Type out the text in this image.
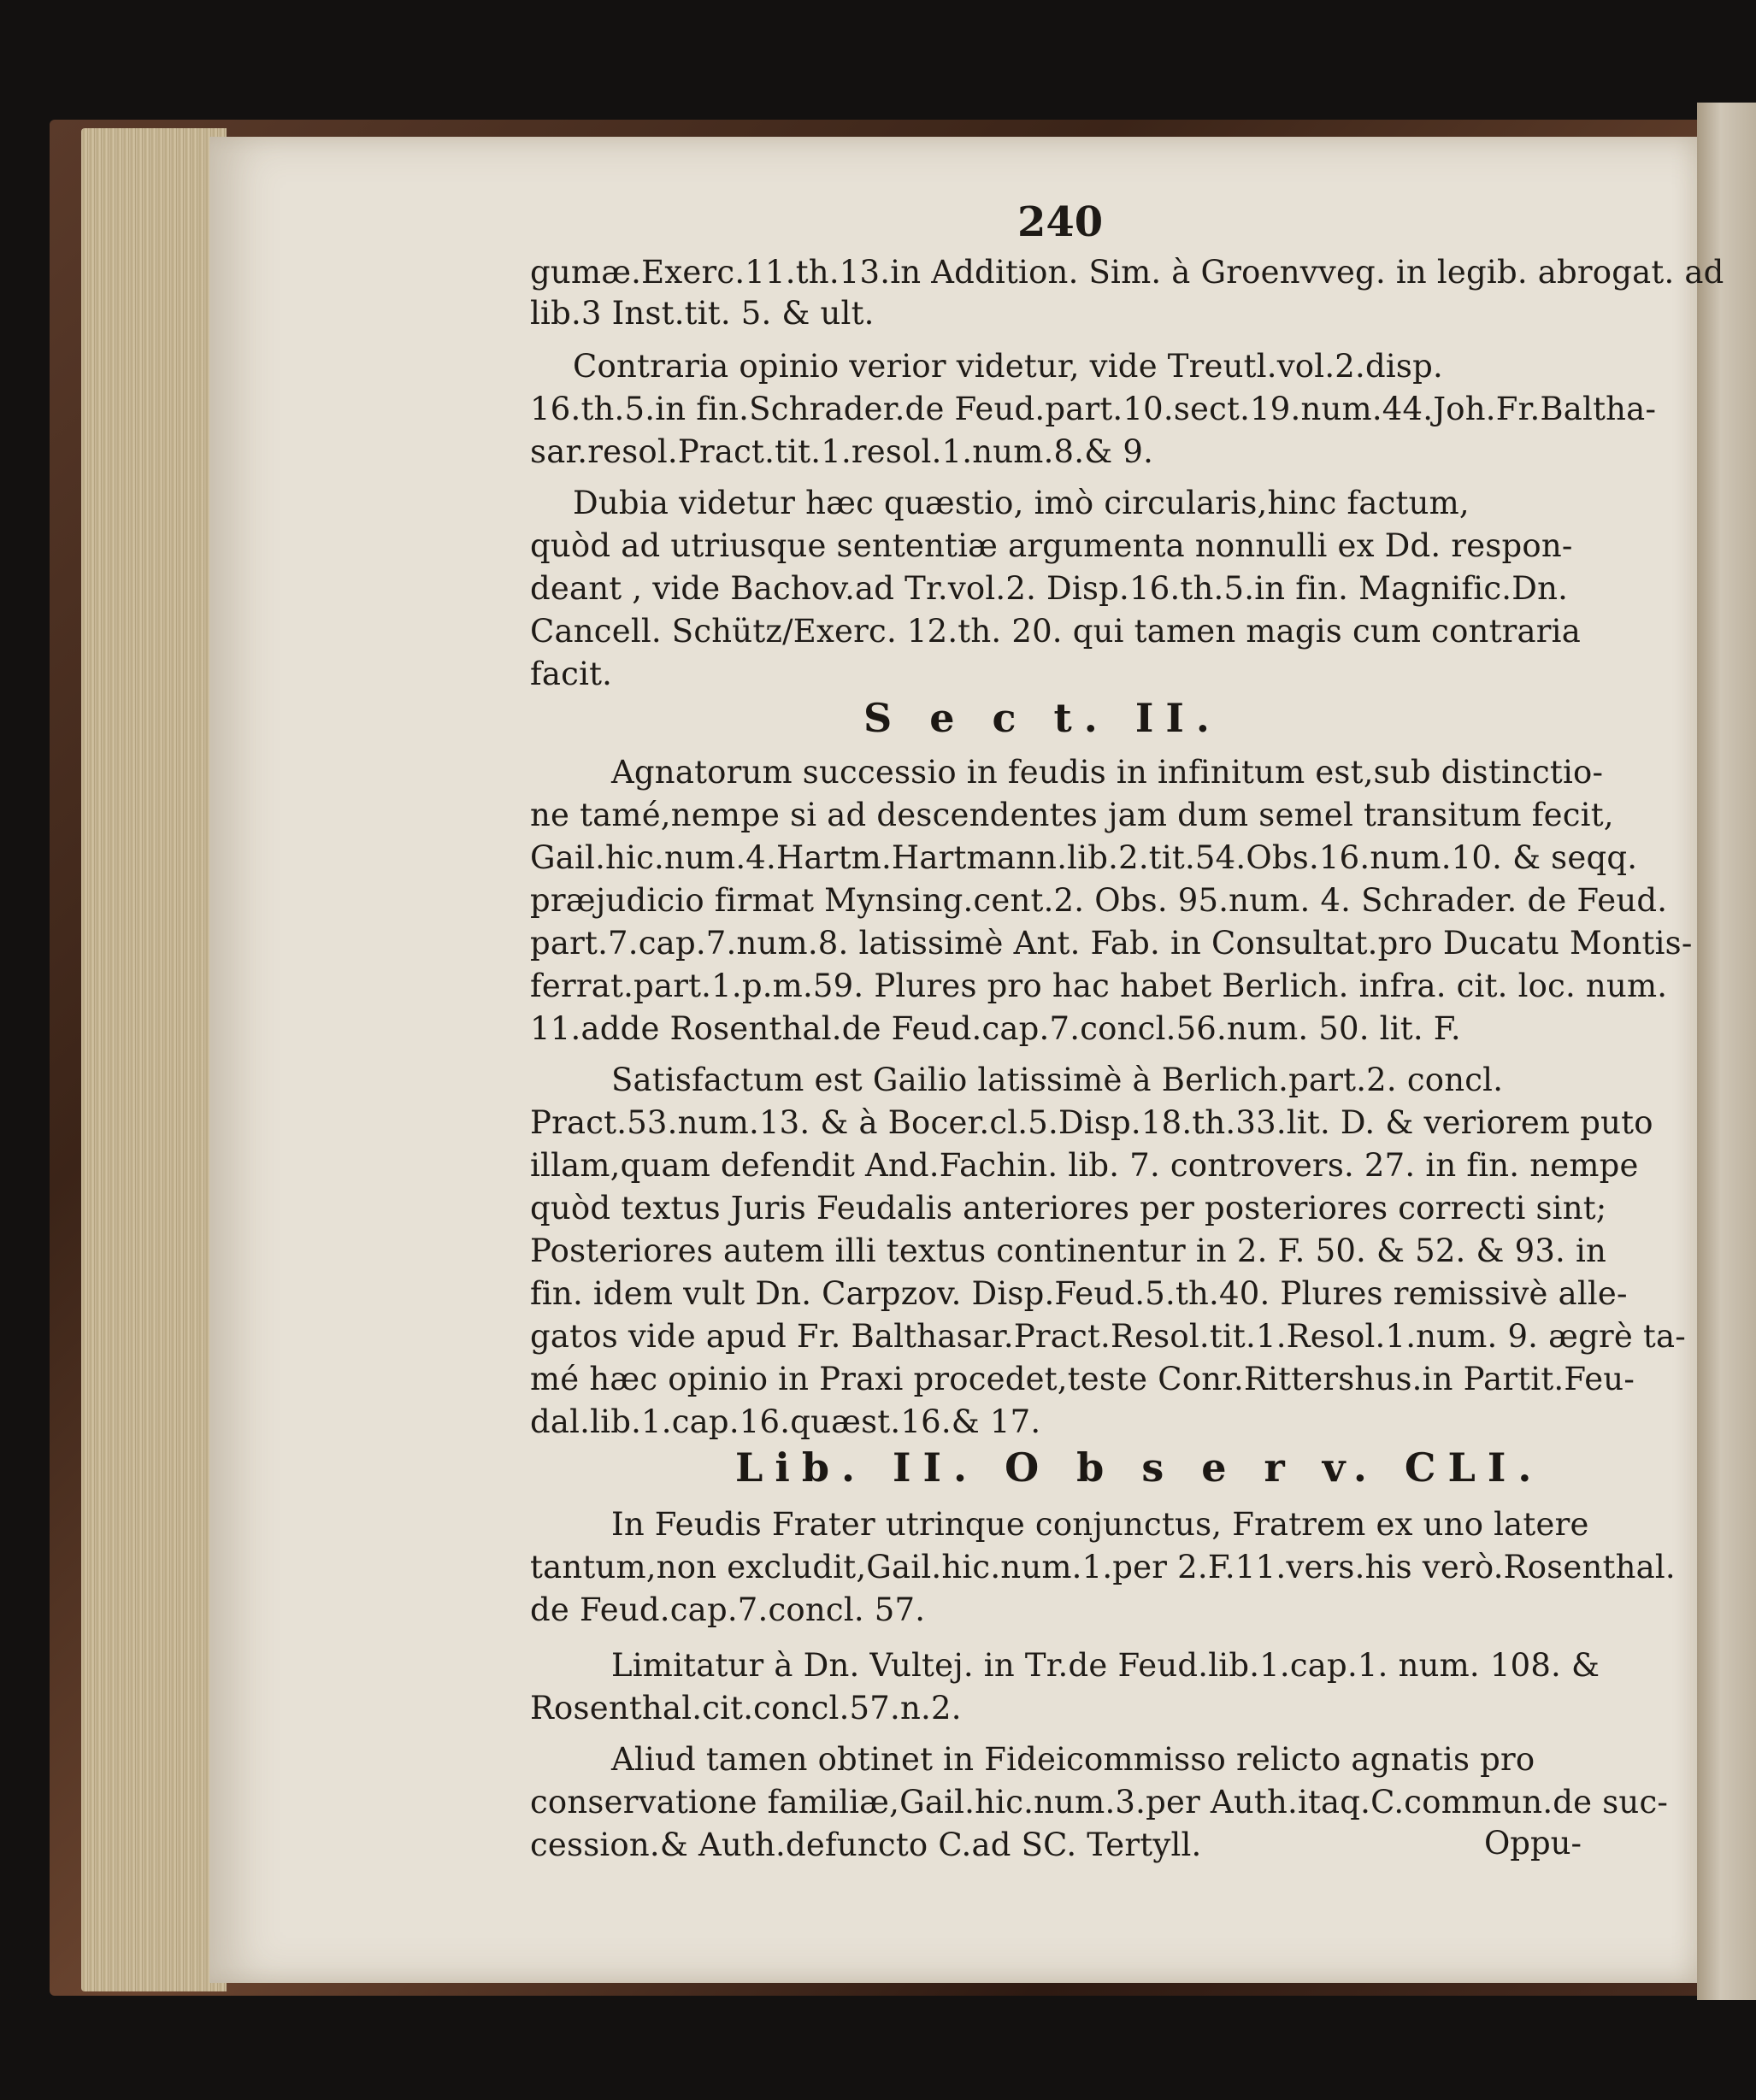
240
gumæ.Exerc.11.th.13.in Addition. Sim. à Groenvveg. in legib. abrogat. ad
lib.3 Inst.tit. 5. & ult.
Contraria opinio verior videtur, vide Treutl.vol.2.disp.
16.th.5.in fin.Schrader.de Feud.part.10.sect.19.num.44.Joh.Fr.Baltha-
sar.resol.Pract.tit.1.resol.1.num.8.& 9.
Dubia videtur hæc quæstio, imò circularis,hinc factum,
quòd ad utriusque sententiæ argumenta nonnulli ex Dd. respon-
deant , vide Bachov.ad Tr.vol.2. Disp.16.th.5.in fin. Magnific.Dn.
Cancell. Schütz/Exerc. 12.th. 20. qui tamen magis cum contraria
facit.
S e c t. II.
Agnatorum successio in feudis in infinitum est,sub distinctio-
ne tamé,nempe si ad descendentes jam dum semel transitum fecit,
Gail.hic.num.4.Hartm.Hartmann.lib.2.tit.54.Obs.16.num.10. & seqq.
præjudicio firmat Mynsing.cent.2. Obs. 95.num. 4. Schrader. de Feud.
part.7.cap.7.num.8. latissimè Ant. Fab. in Consultat.pro Ducatu Montis-
ferrat.part.1.p.m.59. Plures pro hac habet Berlich. infra. cit. loc. num.
11.adde Rosenthal.de Feud.cap.7.concl.56.num. 50. lit. F.
Satisfactum est Gailio latissimè à Berlich.part.2. concl.
Pract.53.num.13. & à Bocer.cl.5.Disp.18.th.33.lit. D. & veriorem puto
illam,quam defendit And.Fachin. lib. 7. controvers. 27. in fin. nempe
quòd textus Juris Feudalis anteriores per posteriores correcti sint;
Posteriores autem illi textus continentur in 2. F. 50. & 52. & 93. in
fin. idem vult Dn. Carpzov. Disp.Feud.5.th.40. Plures remissivè alle-
gatos vide apud Fr. Balthasar.Pract.Resol.tit.1.Resol.1.num. 9. ægrè ta-
mé hæc opinio in Praxi procedet,teste Conr.Rittershus.in Partit.Feu-
dal.lib.1.cap.16.quæst.16.& 17.
Lib. II. O b s e r v. CLI.
In Feudis Frater utrinque conjunctus, Fratrem ex uno latere
tantum,non excludit,Gail.hic.num.1.per 2.F.11.vers.his verò.Rosenthal.
de Feud.cap.7.concl. 57.
Limitatur à Dn. Vultej. in Tr.de Feud.lib.1.cap.1. num. 108. &
Rosenthal.cit.concl.57.n.2.
Aliud tamen obtinet in Fideicommisso relicto agnatis pro
conservatione familiæ,Gail.hic.num.3.per Auth.itaq.C.commun.de suc-
cession.& Auth.defuncto C.ad SC. Tertyll.	Oppu-
